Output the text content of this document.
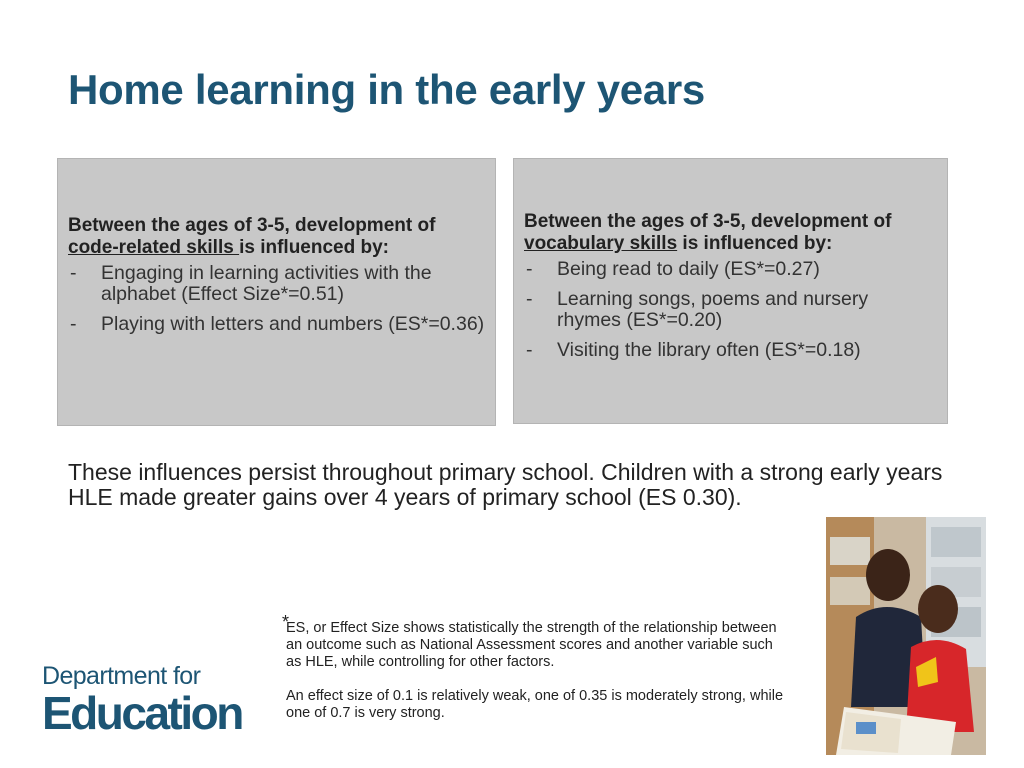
Home learning in the early years
Between the ages of 3-5, development of code-related skills is influenced by:
- Engaging in learning activities with the alphabet (Effect Size*=0.51)
- Playing with letters and numbers (ES*=0.36)
Between the ages of 3-5, development of vocabulary skills is influenced by:
- Being read to daily (ES*=0.27)
- Learning songs, poems and nursery rhymes (ES*=0.20)
- Visiting the library often (ES*=0.18)
These influences persist throughout primary school. Children with a strong early years HLE made greater gains over 4 years of primary school (ES 0.30).
*

ES, or Effect Size shows statistically the strength of the relationship between an outcome such as National Assessment scores and another variable such as HLE, while controlling for other factors.

An effect size of 0.1 is relatively weak, one of 0.35 is moderately strong, while one of 0.7 is very strong.

Department for
Education
